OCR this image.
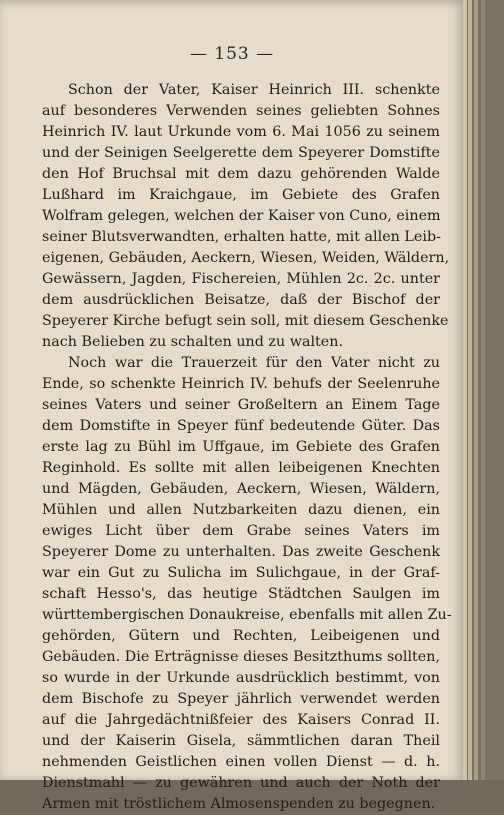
— 153 —
Schon der Vater, Kaiser Heinrich III. schenkte
auf besonderes Verwenden seines geliebten Sohnes
Heinrich IV. laut Urkunde vom 6. Mai 1056 zu seinem
und der Seinigen Seelgerette dem Speyerer Domstifte
den Hof Bruchsal mit dem dazu gehörenden Walde
Lußhard im Kraichgaue, im Gebiete des Grafen
Wolfram gelegen, welchen der Kaiser von Cuno, einem
seiner Blutsverwandten, erhalten hatte, mit allen Leib-
eigenen, Gebäuden, Aeckern, Wiesen, Weiden, Wäldern,
Gewässern, Jagden, Fischereien, Mühlen 2c. 2c. unter
dem ausdrücklichen Beisatze, daß der Bischof der
Speyerer Kirche befugt sein soll, mit diesem Geschenke
nach Belieben zu schalten und zu walten.
Noch war die Trauerzeit für den Vater nicht zu
Ende, so schenkte Heinrich IV. behufs der Seelenruhe
seines Vaters und seiner Großeltern an Einem Tage
dem Domstifte in Speyer fünf bedeutende Güter. Das
erste lag zu Bühl im Uffgaue, im Gebiete des Grafen
Reginhold. Es sollte mit allen leibeigenen Knechten
und Mägden, Gebäuden, Aeckern, Wiesen, Wäldern,
Mühlen und allen Nutzbarkeiten dazu dienen, ein
ewiges Licht über dem Grabe seines Vaters im
Speyerer Dome zu unterhalten. Das zweite Geschenk
war ein Gut zu Sulicha im Sulichgaue, in der Graf-
schaft Hesso's, das heutige Städtchen Saulgen im
württembergischen Donaukreise, ebenfalls mit allen Zu-
gehörden, Gütern und Rechten, Leibeigenen und
Gebäuden. Die Erträgnisse dieses Besitzthums sollten,
so wurde in der Urkunde ausdrücklich bestimmt, von
dem Bischofe zu Speyer jährlich verwendet werden
auf die Jahrgedächtnißfeier des Kaisers Conrad II.
und der Kaiserin Gisela, sämmtlichen daran Theil
nehmenden Geistlichen einen vollen Dienst — d. h.
Dienstmahl — zu gewähren und auch der Noth der
Armen mit tröstlichem Almosenspenden zu begegnen.
